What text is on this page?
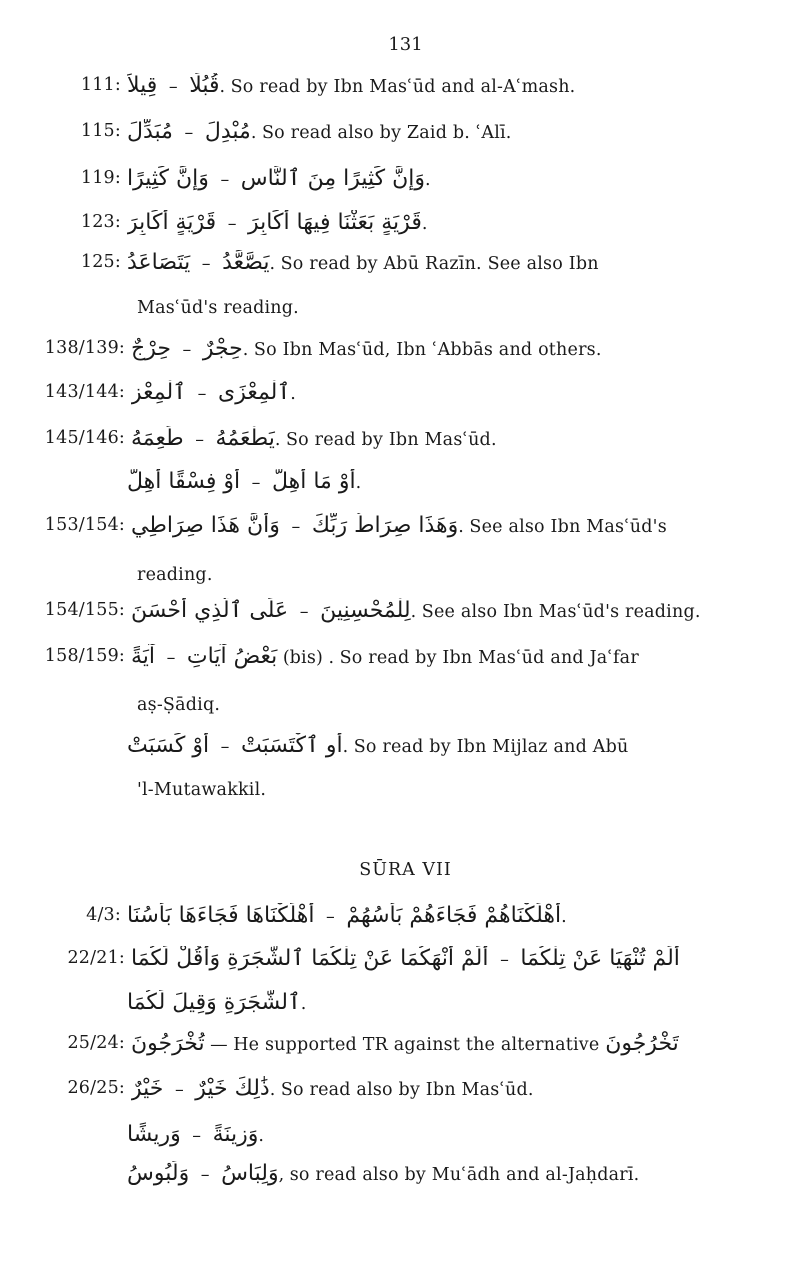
131
111: قِيلاً – قُبُلًا. So read by Ibn Masʿūd and al-Aʿmash.
115: مُبَدِّلَ – مُبْدِلَ. So read also by Zaid b. ʿAlī.
119: وَإِنَّ كَثِيرًا – وَإِنَّ كَثِيرًا مِنَ ٱلنَّاسِ.
123: قَرْيَةٍ أَكَابِرَ – قَرْيَةٍ بَعَثْنَا فِيهَا أَكَابِرَ.
125: يَتَصَاعَدُ – يَصَّعَّدُ. So read by Abū Razīn. See also Ibn
Masʿūd's reading.
138/139: حِرْجٌ – حِجْرٌ. So Ibn Masʿūd, Ibn ʿAbbās and others.
143/144: ٱلْمِعْزِ – ٱلْمِعْزَى.
145/146: طَعِمَهُ – يَطْعَمُهُ. So read by Ibn Masʿūd.
أَوْ فِسْقًا أُهِلَّ – أَوْ مَا أُهِلَّ.
153/154: وَأَنَّ هَذَا صِرَاطِي – وَهَذَا صِرَاطُ رَبِّكَ. See also Ibn Masʿūd's
reading.
154/155: عَلَى ٱلَّذِي أَحْسَنَ – لِلْمُحْسِنِينَ. See also Ibn Masʿūd's reading.
158/159: آيَةً – بَعْضُ آيَاتِ (bis) . So read by Ibn Masʿūd and Jaʿfar
aṣ-Ṣādiq.
أَوْ كَسَبَتْ – أَوِ ٱكْتَسَبَتْ. So read by Ibn Mijlaz and Abū
'l-Mutawakkil.
4/3: أَهْلَكْنَاهَا فَجَاءَهَا بَأْسُنَا – أَهْلَكْنَاهُمْ فَجَاءَهُمْ بَأْسُهُمْ.
22/21: أَلَمْ أَنْهَكُمَا عَنْ تِلْكُمَا ٱلشَّجَرَةِ وَأَقُلْ لَكُمَا – أَلَمْ تُنْهَيَا عَنْ تِلْكُمَا
ٱلشَّجَرَةِ وَقِيلَ لَكُمَا.
25/24: تُخْرَجُونَ — He supported TR against the alternative تَخْرُجُونَ
26/25: خَيْرٌ – ذَٰلِكَ خَيْرٌ. So read also by Ibn Masʿūd.
وَرِيشًا – وَزِينَةً.
وَلَبُوسُ – وَلِبَاسُ, so read also by Muʿādh and al-Jaḥdarī.
SŪRA VII
